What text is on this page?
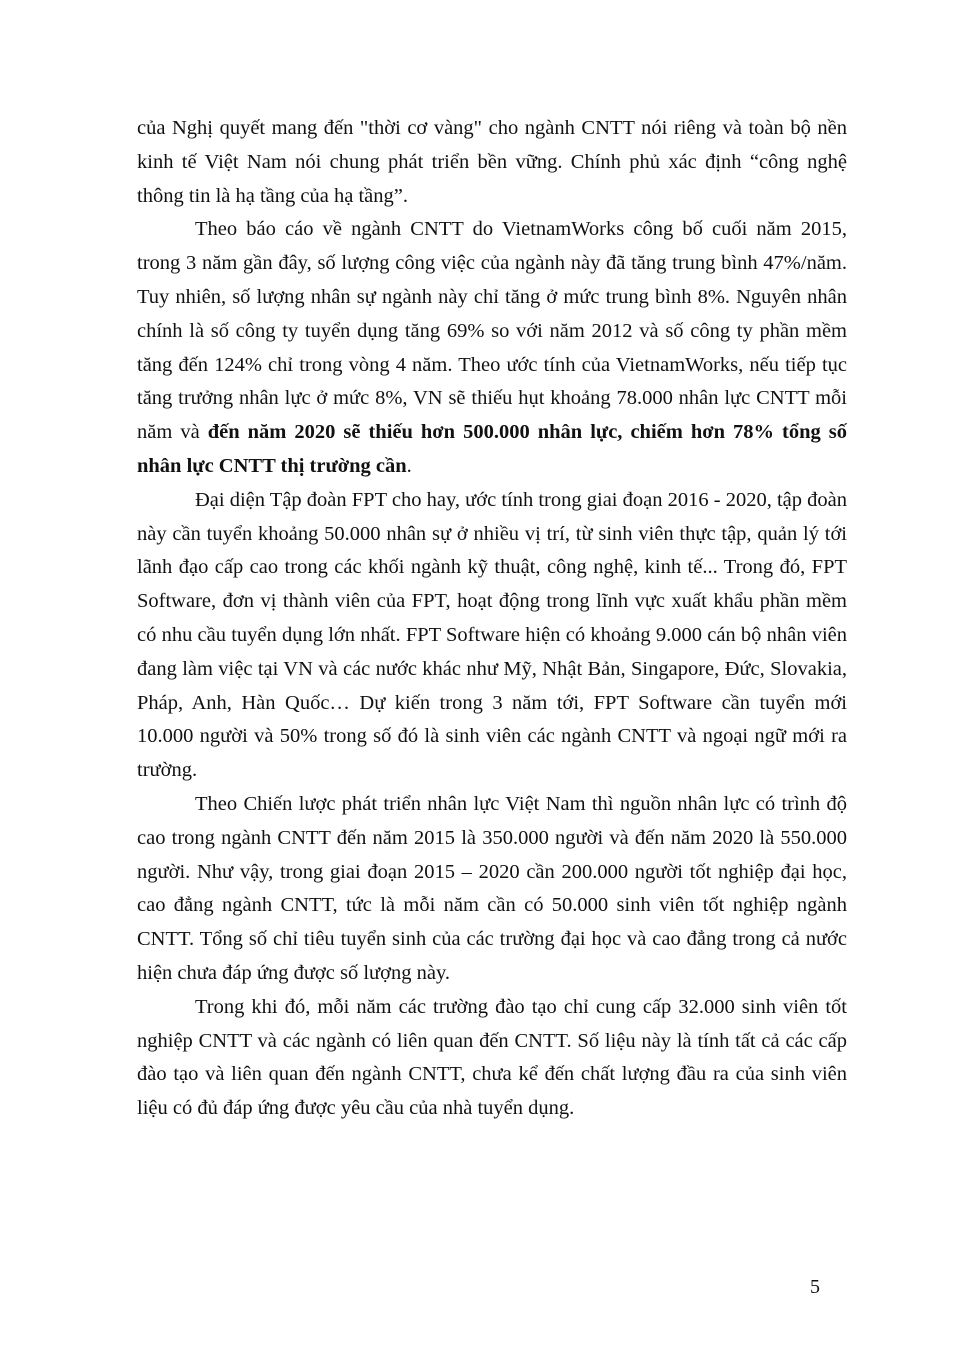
của Nghị quyết mang đến "thời cơ vàng" cho ngành CNTT nói riêng và toàn bộ nền kinh tế Việt Nam nói chung phát triển bền vững. Chính phủ xác định “công nghệ thông tin là hạ tầng của hạ tầng”.

Theo báo cáo về ngành CNTT do VietnamWorks công bố cuối năm 2015, trong 3 năm gần đây, số lượng công việc của ngành này đã tăng trung bình 47%/năm. Tuy nhiên, số lượng nhân sự ngành này chỉ tăng ở mức trung bình 8%. Nguyên nhân chính là số công ty tuyển dụng tăng 69% so với năm 2012 và số công ty phần mềm tăng đến 124% chỉ trong vòng 4 năm. Theo ước tính của VietnamWorks, nếu tiếp tục tăng trưởng nhân lực ở mức 8%, VN sẽ thiếu hụt khoảng 78.000 nhân lực CNTT mỗi năm và đến năm 2020 sẽ thiếu hơn 500.000 nhân lực, chiếm hơn 78% tổng số nhân lực CNTT thị trường cần.

Đại diện Tập đoàn FPT cho hay, ước tính trong giai đoạn 2016 - 2020, tập đoàn này cần tuyển khoảng 50.000 nhân sự ở nhiều vị trí, từ sinh viên thực tập, quản lý tới lãnh đạo cấp cao trong các khối ngành kỹ thuật, công nghệ, kinh tế... Trong đó, FPT Software, đơn vị thành viên của FPT, hoạt động trong lĩnh vực xuất khẩu phần mềm có nhu cầu tuyển dụng lớn nhất. FPT Software hiện có khoảng 9.000 cán bộ nhân viên đang làm việc tại VN và các nước khác như Mỹ, Nhật Bản, Singapore, Đức, Slovakia, Pháp, Anh, Hàn Quốc… Dự kiến trong 3 năm tới, FPT Software cần tuyển mới 10.000 người và 50% trong số đó là sinh viên các ngành CNTT và ngoại ngữ mới ra trường.

Theo Chiến lược phát triển nhân lực Việt Nam thì nguồn nhân lực có trình độ cao trong ngành CNTT đến năm 2015 là 350.000 người và đến năm 2020 là 550.000 người. Như vậy, trong giai đoạn 2015 – 2020 cần 200.000 người tốt nghiệp đại học, cao đẳng ngành CNTT, tức là mỗi năm cần có 50.000 sinh viên tốt nghiệp ngành CNTT. Tổng số chỉ tiêu tuyển sinh của các trường đại học và cao đẳng trong cả nước hiện chưa đáp ứng được số lượng này.

Trong khi đó, mỗi năm các trường đào tạo chỉ cung cấp 32.000 sinh viên tốt nghiệp CNTT và các ngành có liên quan đến CNTT. Số liệu này là tính tất cả các cấp đào tạo và liên quan đến ngành CNTT, chưa kể đến chất lượng đầu ra của sinh viên liệu có đủ đáp ứng được yêu cầu của nhà tuyển dụng.

5
